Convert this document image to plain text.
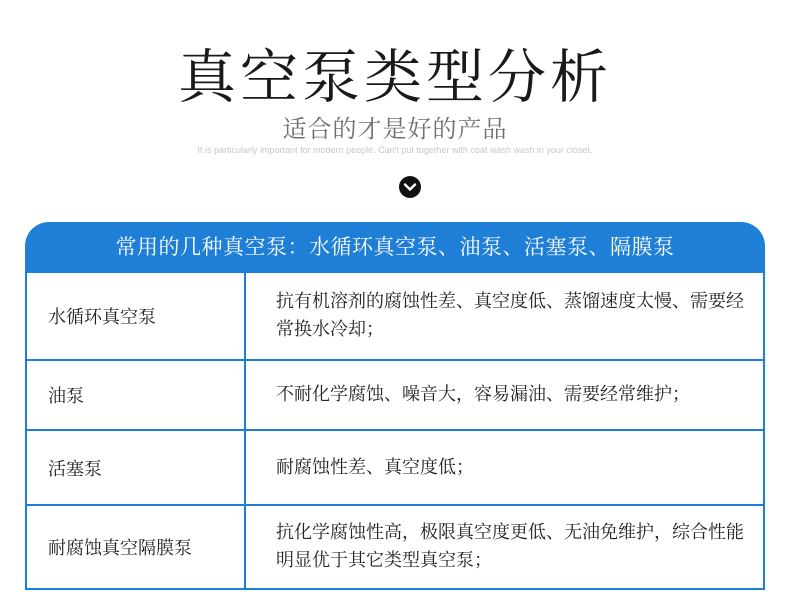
真空泵类型分析
适合的才是好的产品
It is particularly important for modern people. Can't put together with coat wash wash in your closet.
常用的几种真空泵：水循环真空泵、油泵、活塞泵、隔膜泵
水循环真空泵
抗有机溶剂的腐蚀性差、真空度低、蒸馏速度太慢、需要经常换水冷却；
油泵	不耐化学腐蚀、噪音大，容易漏油、需要经常维护；
活塞泵	耐腐蚀性差、真空度低；
耐腐蚀真空隔膜泵
抗化学腐蚀性高，极限真空度更低、无油免维护，综合性能明显优于其它类型真空泵；
